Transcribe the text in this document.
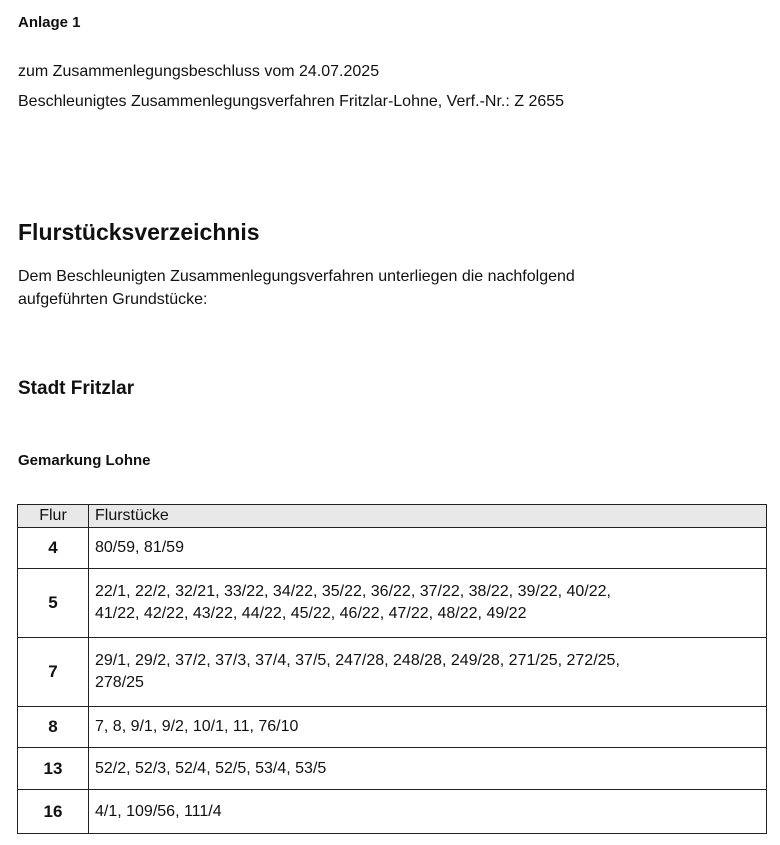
Anlage 1
zum Zusammenlegungsbeschluss vom 24.07.2025
Beschleunigtes Zusammenlegungsverfahren Fritzlar-Lohne, Verf.-Nr.: Z 2655
Flurstücksverzeichnis
Dem Beschleunigten Zusammenlegungsverfahren unterliegen die nachfolgend
aufgeführten Grundstücke:
Stadt Fritzlar
Gemarkung Lohne
Flur	Flurstücke
4	80/59, 81/59

5	22/1, 22/2, 32/21, 33/22, 34/22, 35/22, 36/22, 37/22, 38/22, 39/22, 40/22,
41/22, 42/22, 43/22, 44/22, 45/22, 46/22, 47/22, 48/22, 49/22

7	29/1, 29/2, 37/2, 37/3, 37/4, 37/5, 247/28, 248/28, 249/28, 271/25, 272/25,
278/25

8	7, 8, 9/1, 9/2, 10/1, 11, 76/10

13	52/2, 52/3, 52/4, 52/5, 53/4, 53/5

16	4/1, 109/56, 111/4
